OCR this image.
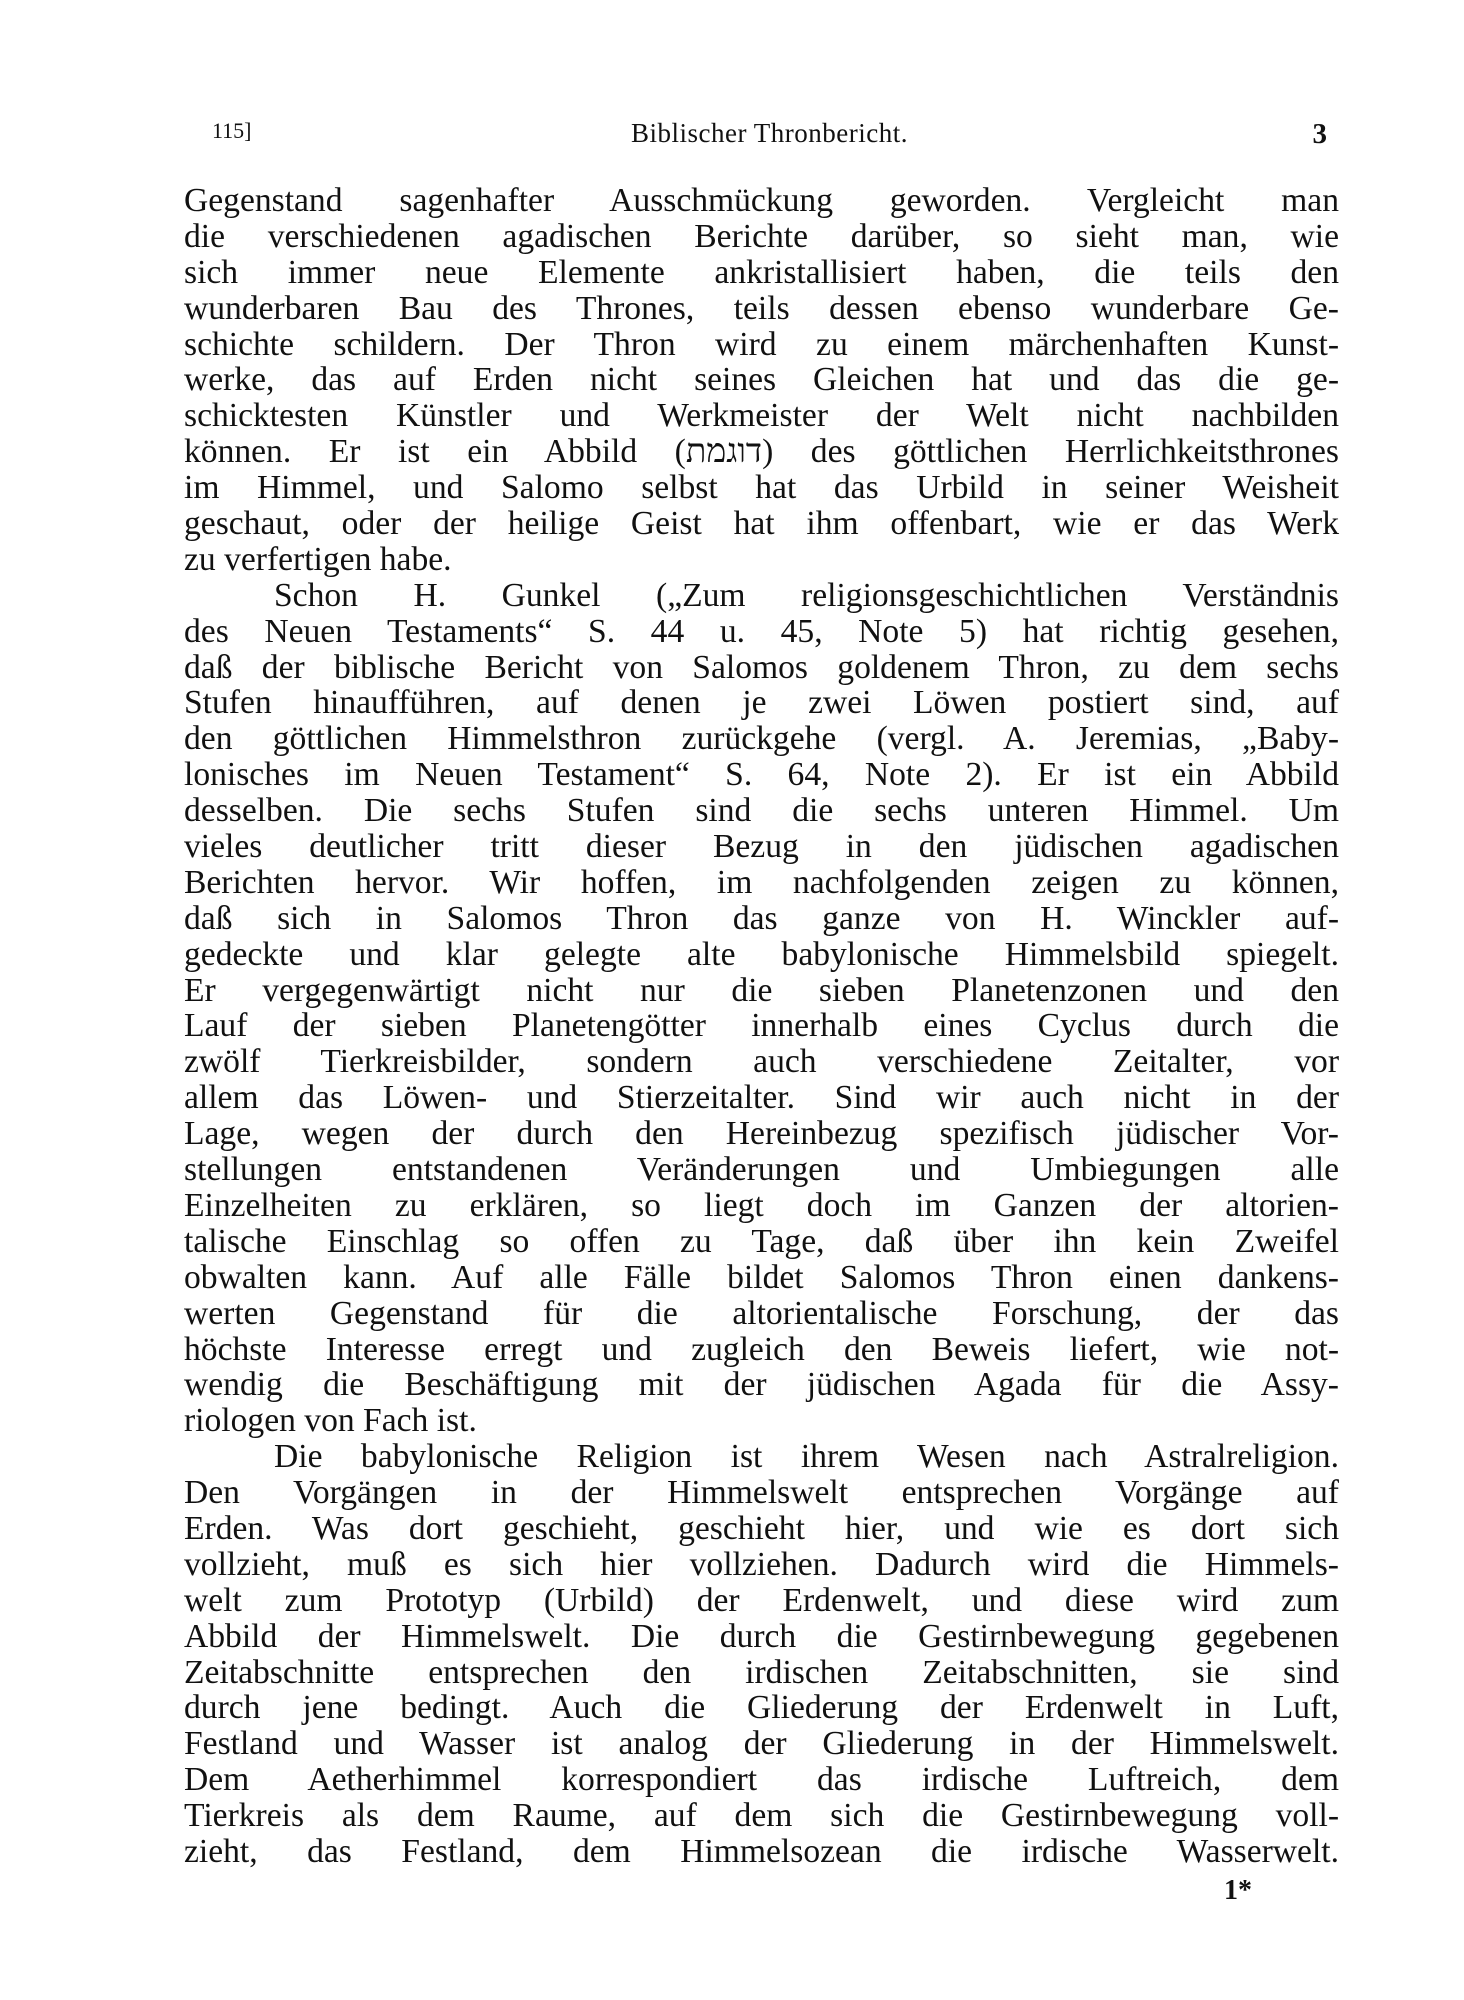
115]	Biblischer Thronbericht.	3
Gegenstand sagenhafter Ausschmückung geworden. Vergleicht man
die verschiedenen agadischen Berichte darüber, so sieht man, wie
sich immer neue Elemente ankristallisiert haben, die teils den
wunderbaren Bau des Thrones, teils dessen ebenso wunderbare Ge-
schichte schildern. Der Thron wird zu einem märchenhaften Kunst-
werke, das auf Erden nicht seines Gleichen hat und das die ge-
schicktesten Künstler und Werkmeister der Welt nicht nachbilden
können. Er ist ein Abbild (דוגמת) des göttlichen Herrlichkeitsthrones
im Himmel, und Salomo selbst hat das Urbild in seiner Weisheit
geschaut, oder der heilige Geist hat ihm offenbart, wie er das Werk
zu verfertigen habe.
Schon H. Gunkel („Zum religionsgeschichtlichen Verständnis
des Neuen Testaments“ S. 44 u. 45, Note 5) hat richtig gesehen,
daß der biblische Bericht von Salomos goldenem Thron, zu dem sechs
Stufen hinaufführen, auf denen je zwei Löwen postiert sind, auf
den göttlichen Himmelsthron zurückgehe (vergl. A. Jeremias, „Baby-
lonisches im Neuen Testament“ S. 64, Note 2). Er ist ein Abbild
desselben. Die sechs Stufen sind die sechs unteren Himmel. Um
vieles deutlicher tritt dieser Bezug in den jüdischen agadischen
Berichten hervor. Wir hoffen, im nachfolgenden zeigen zu können,
daß sich in Salomos Thron das ganze von H. Winckler auf-
gedeckte und klar gelegte alte babylonische Himmelsbild spiegelt.
Er vergegenwärtigt nicht nur die sieben Planetenzonen und den
Lauf der sieben Planetengötter innerhalb eines Cyclus durch die
zwölf Tierkreisbilder, sondern auch verschiedene Zeitalter, vor
allem das Löwen- und Stierzeitalter. Sind wir auch nicht in der
Lage, wegen der durch den Hereinbezug spezifisch jüdischer Vor-
stellungen entstandenen Veränderungen und Umbiegungen alle
Einzelheiten zu erklären, so liegt doch im Ganzen der altorien-
talische Einschlag so offen zu Tage, daß über ihn kein Zweifel
obwalten kann. Auf alle Fälle bildet Salomos Thron einen dankens-
werten Gegenstand für die altorientalische Forschung, der das
höchste Interesse erregt und zugleich den Beweis liefert, wie not-
wendig die Beschäftigung mit der jüdischen Agada für die Assy-
riologen von Fach ist.
Die babylonische Religion ist ihrem Wesen nach Astralreligion.
Den Vorgängen in der Himmelswelt entsprechen Vorgänge auf
Erden. Was dort geschieht, geschieht hier, und wie es dort sich
vollzieht, muß es sich hier vollziehen. Dadurch wird die Himmels-
welt zum Prototyp (Urbild) der Erdenwelt, und diese wird zum
Abbild der Himmelswelt. Die durch die Gestirnbewegung gegebenen
Zeitabschnitte entsprechen den irdischen Zeitabschnitten, sie sind
durch jene bedingt. Auch die Gliederung der Erdenwelt in Luft,
Festland und Wasser ist analog der Gliederung in der Himmelswelt.
Dem Aetherhimmel korrespondiert das irdische Luftreich, dem
Tierkreis als dem Raume, auf dem sich die Gestirnbewegung voll-
zieht, das Festland, dem Himmelsozean die irdische Wasserwelt.
1*
